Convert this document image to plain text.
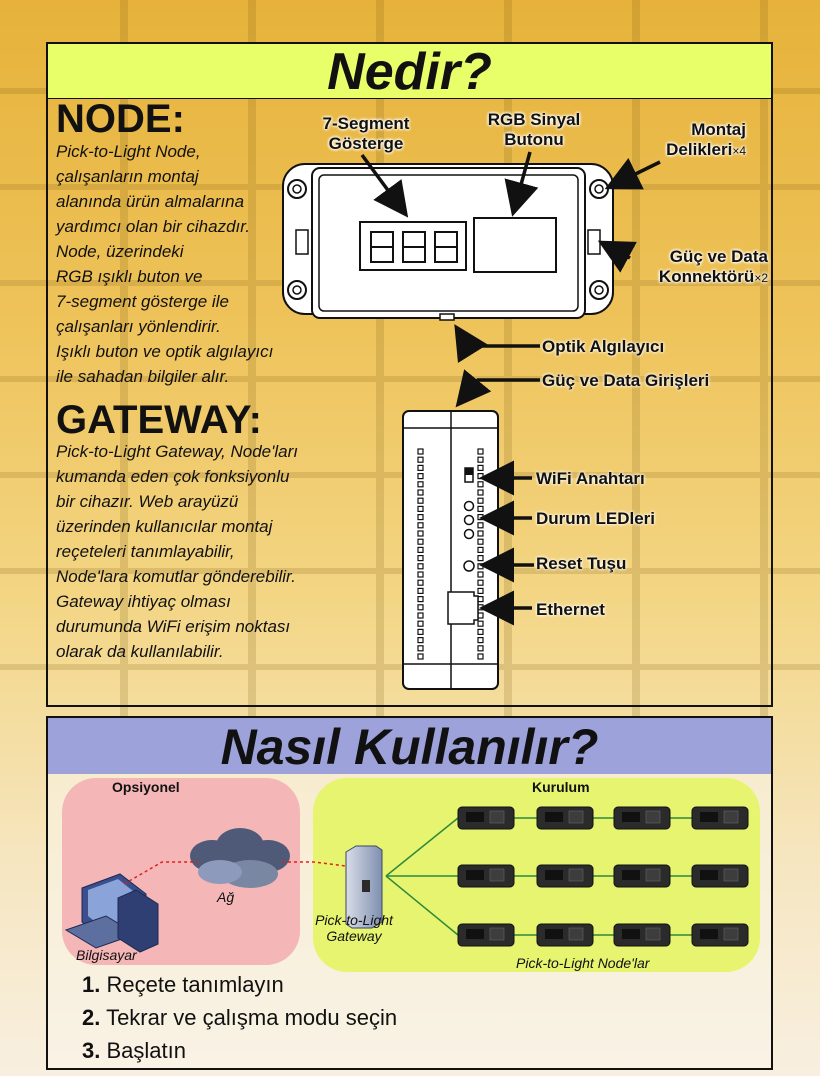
Nedir?
NODE:

Pick-to-Light Node,
çalışanların montaj
alanında ürün almalarına
yardımcı olan bir cihazdır.
Node, üzerindeki
RGB ışıklı buton ve
7-segment gösterge ile
çalışanları yönlendirir.
Işıklı buton ve optik algılayıcı
ile sahadan bilgiler alır.

GATEWAY:

Pick-to-Light Gateway, Node'ları
kumanda eden çok fonksiyonlu
bir cihazır. Web arayüzü
üzerinden kullanıcılar montaj
reçeteleri tanımlayabilir,
Node'lara komutlar gönderebilir.
Gateway ihtiyaç olması
durumunda WiFi erişim noktası
olarak da kullanılabilir.

7-Segment
Gösterge
RGB Sinyal
Butonu
Montaj
Delikleri×4
Güç ve Data
Konnektörü×2
Optik Algılayıcı
Güç ve Data Girişleri
WiFi Anahtarı
Durum LEDleri
Reset Tuşu
Ethernet
Nasıl Kullanılır?
Opsiyonel	Kurulum
Bilgisayar
Ağ
Pick-to-Light
Gateway
Pick-to-Light Node'lar
1. Reçete tanımlayın
2. Tekrar ve çalışma modu seçin
3. Başlatın
